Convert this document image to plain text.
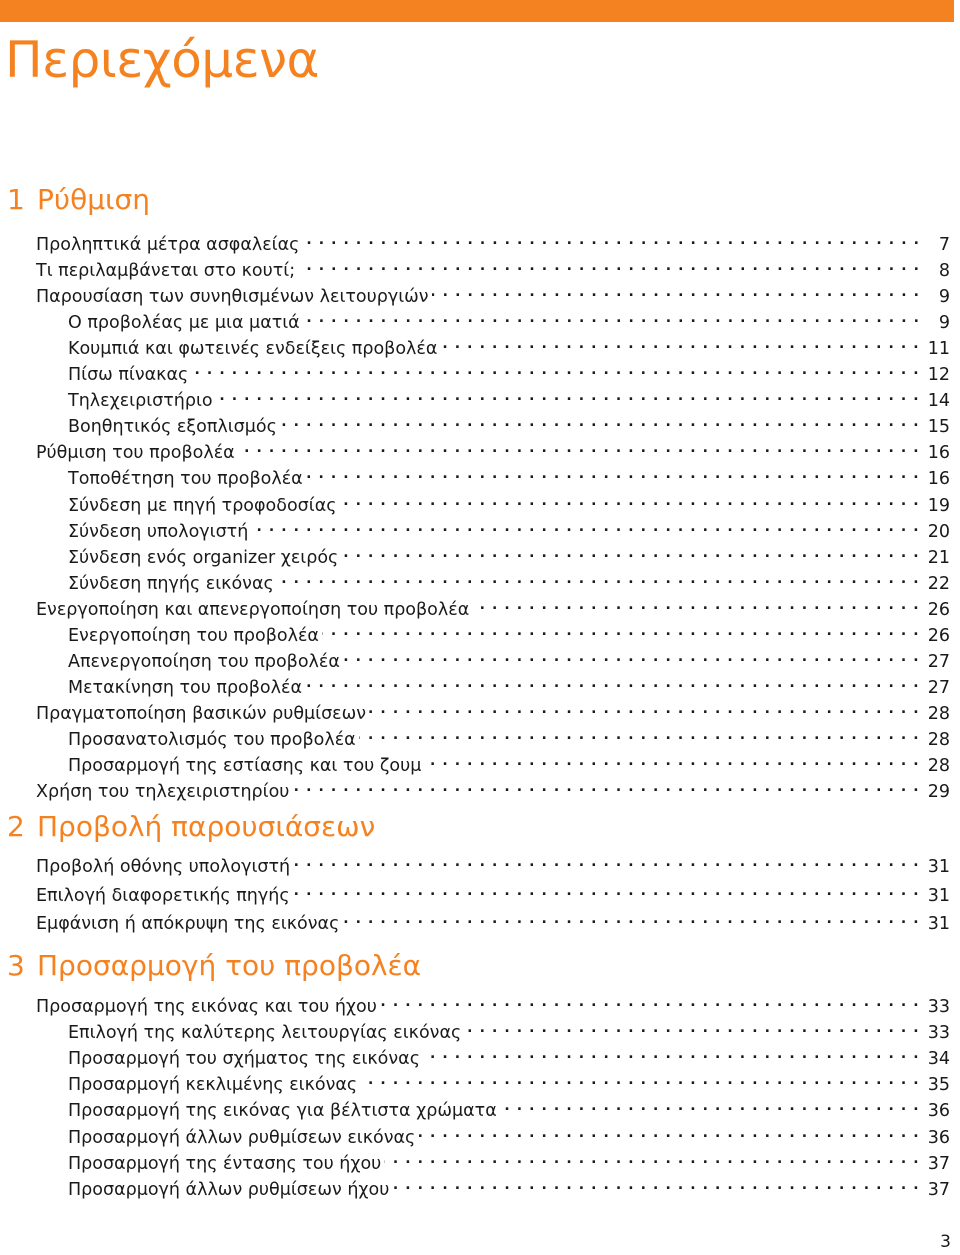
Περιεχόμενα
1 Ρύθμιση
Προληπτικά μέτρα ασφαλείας . . .	7
Τι περιλαμβάνεται στο κουτί; . . .	8
Παρουσίαση των συνηθισμένων λειτουργιών . . .	9
Ο προβολέας με μια ματιά . . .	9
Κουμπιά και φωτεινές ενδείξεις προβολέα . . .	11
Πίσω πίνακας . . .	12
Τηλεχειριστήριο . . .	14
Βοηθητικός εξοπλισμός . . .	15
Ρύθμιση του προβολέα . . .	16
Τοποθέτηση του προβολέα . . .	16
Σύνδεση με πηγή τροφοδοσίας . . .	19
Σύνδεση υπολογιστή . . .	20
Σύνδεση ενός organizer χειρός . . .	21
Σύνδεση πηγής εικόνας . . .	22
Ενεργοποίηση και απενεργοποίηση του προβολέα . . .	26
Ενεργοποίηση του προβολέα . . .	26
Απενεργοποίηση του προβολέα . . .	27
Μετακίνηση του προβολέα . . .	27
Πραγματοποίηση βασικών ρυθμίσεων . . .	28
Προσανατολισμός του προβολέα . . .	28
Προσαρμογή της εστίασης και του ζουμ . . .	28
Χρήση του τηλεχειριστηρίου . . .	29
2 Προβολή παρουσιάσεων
Προβολή οθόνης υπολογιστή . . .	31
Επιλογή διαφορετικής πηγής . . .	31
Εμφάνιση ή απόκρυψη της εικόνας . . .	31
3 Προσαρμογή του προβολέα
Προσαρμογή της εικόνας και του ήχου . . .	33
Επιλογή της καλύτερης λειτουργίας εικόνας . . .	33
Προσαρμογή του σχήματος της εικόνας . . .	34
Προσαρμογή κεκλιμένης εικόνας . . .	35
Προσαρμογή της εικόνας για βέλτιστα χρώματα . . .	36
Προσαρμογή άλλων ρυθμίσεων εικόνας . . .	36
Προσαρμογή της έντασης του ήχου . . .	37
Προσαρμογή άλλων ρυθμίσεων ήχου . . .	37
3
